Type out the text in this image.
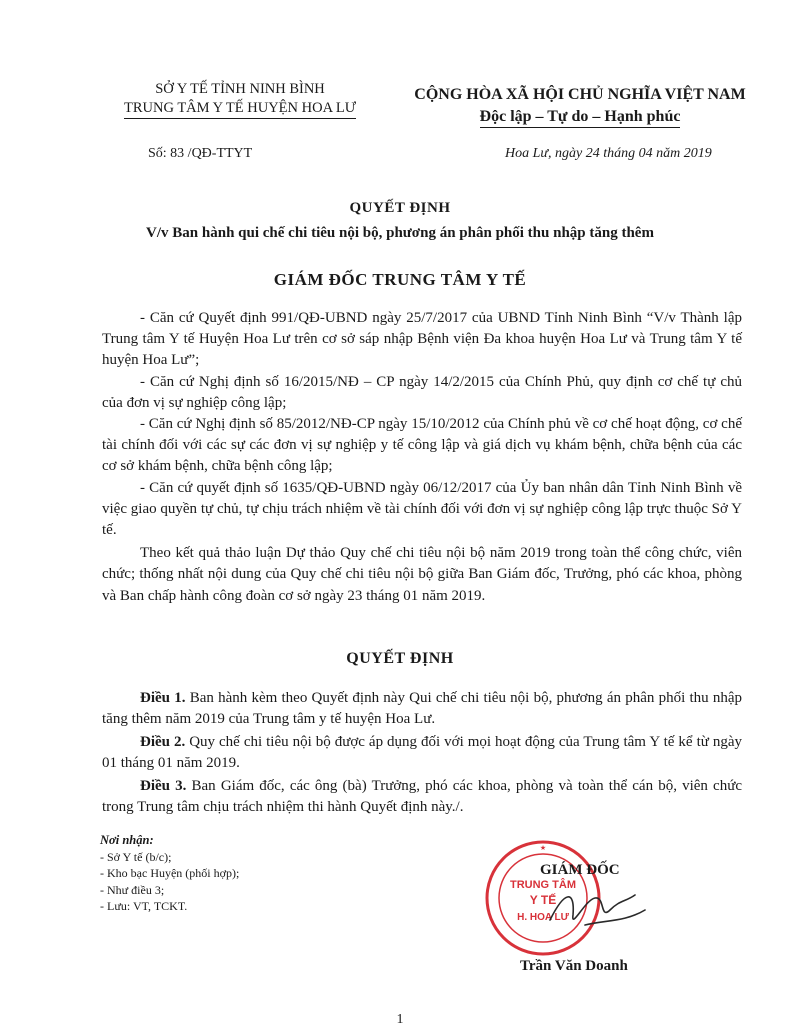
SỞ Y TẾ TỈNH NINH BÌNH
TRUNG TÂM Y TẾ HUYỆN HOA LƯ
CỘNG HÒA XÃ HỘI CHỦ NGHĨA VIỆT NAM
Độc lập – Tự do – Hạnh phúc
Số: 83 /QĐ-TTYT	Hoa Lư, ngày 24 tháng 04 năm 2019
QUYẾT ĐỊNH
V/v Ban hành qui chế chi tiêu nội bộ, phương án phân phối thu nhập tăng thêm
GIÁM ĐỐC TRUNG TÂM Y TẾ

- Căn cứ Quyết định 991/QĐ-UBND ngày 25/7/2017 của UBND Tỉnh Ninh Bình “V/v Thành lập Trung tâm Y tế Huyện Hoa Lư trên cơ sở sáp nhập Bệnh viện Đa khoa huyện Hoa Lư và Trung tâm Y tế huyện Hoa Lư”;

- Căn cứ Nghị định số 16/2015/NĐ – CP ngày 14/2/2015 của Chính Phủ, quy định cơ chế tự chủ của đơn vị sự nghiệp công lập;

- Căn cứ Nghị định số 85/2012/NĐ-CP ngày 15/10/2012 của Chính phủ về cơ chế hoạt động, cơ chế tài chính đối với các sự các đơn vị sự nghiệp y tế công lập và giá dịch vụ khám bệnh, chữa bệnh của các cơ sở khám bệnh, chữa bệnh công lập;

- Căn cứ quyết định số 1635/QĐ-UBND ngày 06/12/2017 của Ủy ban nhân dân Tỉnh Ninh Bình về việc giao quyền tự chủ, tự chịu trách nhiệm về tài chính đối với đơn vị sự nghiệp công lập trực thuộc Sở Y tế.

Theo kết quả thảo luận Dự thảo Quy chế chi tiêu nội bộ năm 2019 trong toàn thể công chức, viên chức; thống nhất nội dung của Quy chế chi tiêu nội bộ giữa Ban Giám đốc, Trưởng, phó các khoa, phòng và Ban chấp hành công đoàn cơ sở ngày 23 tháng 01 năm 2019.

QUYẾT ĐỊNH

Điều 1. Ban hành kèm theo Quyết định này Qui chế chi tiêu nội bộ, phương án phân phối thu nhập tăng thêm năm 2019 của Trung tâm y tế huyện Hoa Lư.

Điều 2. Quy chế chi tiêu nội bộ được áp dụng đối với mọi hoạt động của Trung tâm Y tế kể từ ngày 01 tháng 01 năm 2019.

Điều 3. Ban Giám đốc, các ông (bà) Trưởng, phó các khoa, phòng và toàn thể cán bộ, viên chức trong Trung tâm chịu trách nhiệm thi hành Quyết định này./.

Nơi nhận:
- Sở Y tế (b/c);
- Kho bạc Huyện (phối hợp);
- Như điều 3;
- Lưu: VT, TCKT.
TRUNG TÂM
Y TẾ
H. HOA LƯ
★
GIÁM ĐỐC
Trần Văn Doanh
1
